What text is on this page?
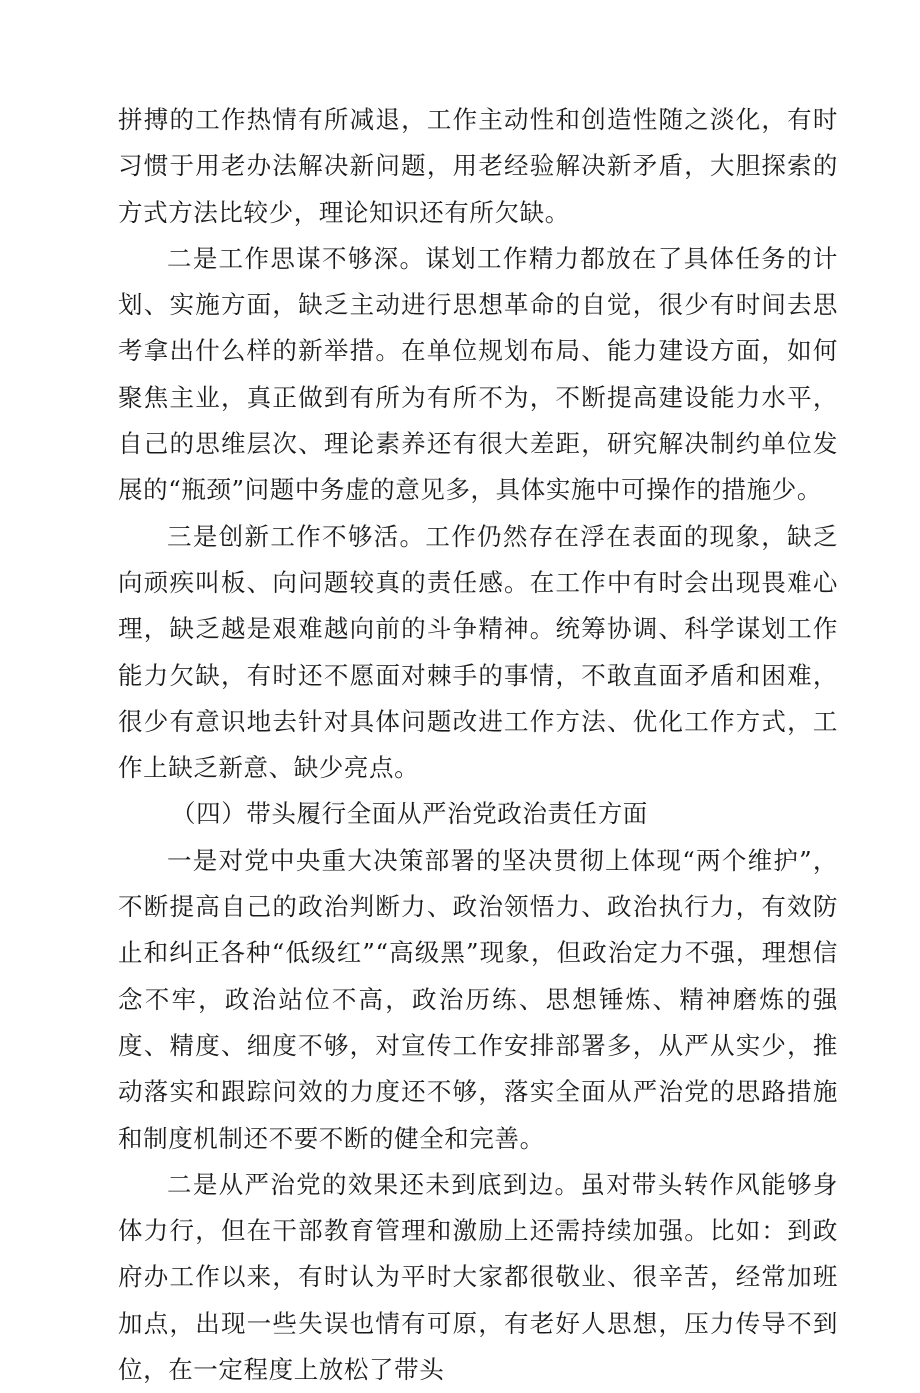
拼搏的工作热情有所减退，工作主动性和创造性随之淡化，有时习惯于用老办法解决新问题，用老经验解决新矛盾，大胆探索的方式方法比较少，理论知识还有所欠缺。

二是工作思谋不够深。谋划工作精力都放在了具体任务的计划、实施方面，缺乏主动进行思想革命的自觉，很少有时间去思考拿出什么样的新举措。在单位规划布局、能力建设方面，如何聚焦主业，真正做到有所为有所不为，不断提高建设能力水平，自己的思维层次、理论素养还有很大差距，研究解决制约单位发展的“瓶颈”问题中务虚的意见多，具体实施中可操作的措施少。

三是创新工作不够活。工作仍然存在浮在表面的现象，缺乏向顽疾叫板、向问题较真的责任感。在工作中有时会出现畏难心理，缺乏越是艰难越向前的斗争精神。统筹协调、科学谋划工作能力欠缺，有时还不愿面对棘手的事情，不敢直面矛盾和困难，很少有意识地去针对具体问题改进工作方法、优化工作方式，工作上缺乏新意、缺少亮点。

（四）带头履行全面从严治党政治责任方面

一是对党中央重大决策部署的坚决贯彻上体现“两个维护”，不断提高自己的政治判断力、政治领悟力、政治执行力，有效防止和纠正各种“低级红”“高级黑”现象，但政治定力不强，理想信念不牢，政治站位不高，政治历练、思想锤炼、精神磨炼的强度、精度、细度不够，对宣传工作安排部署多，从严从实少，推动落实和跟踪问效的力度还不够，落实全面从严治党的思路措施和制度机制还不要不断的健全和完善。

二是从严治党的效果还未到底到边。虽对带头转作风能够身体力行，但在干部教育管理和激励上还需持续加强。比如：到政府办工作以来，有时认为平时大家都很敬业、很辛苦，经常加班加点，出现一些失误也情有可原，有老好人思想，压力传导不到位，在一定程度上放松了带头
